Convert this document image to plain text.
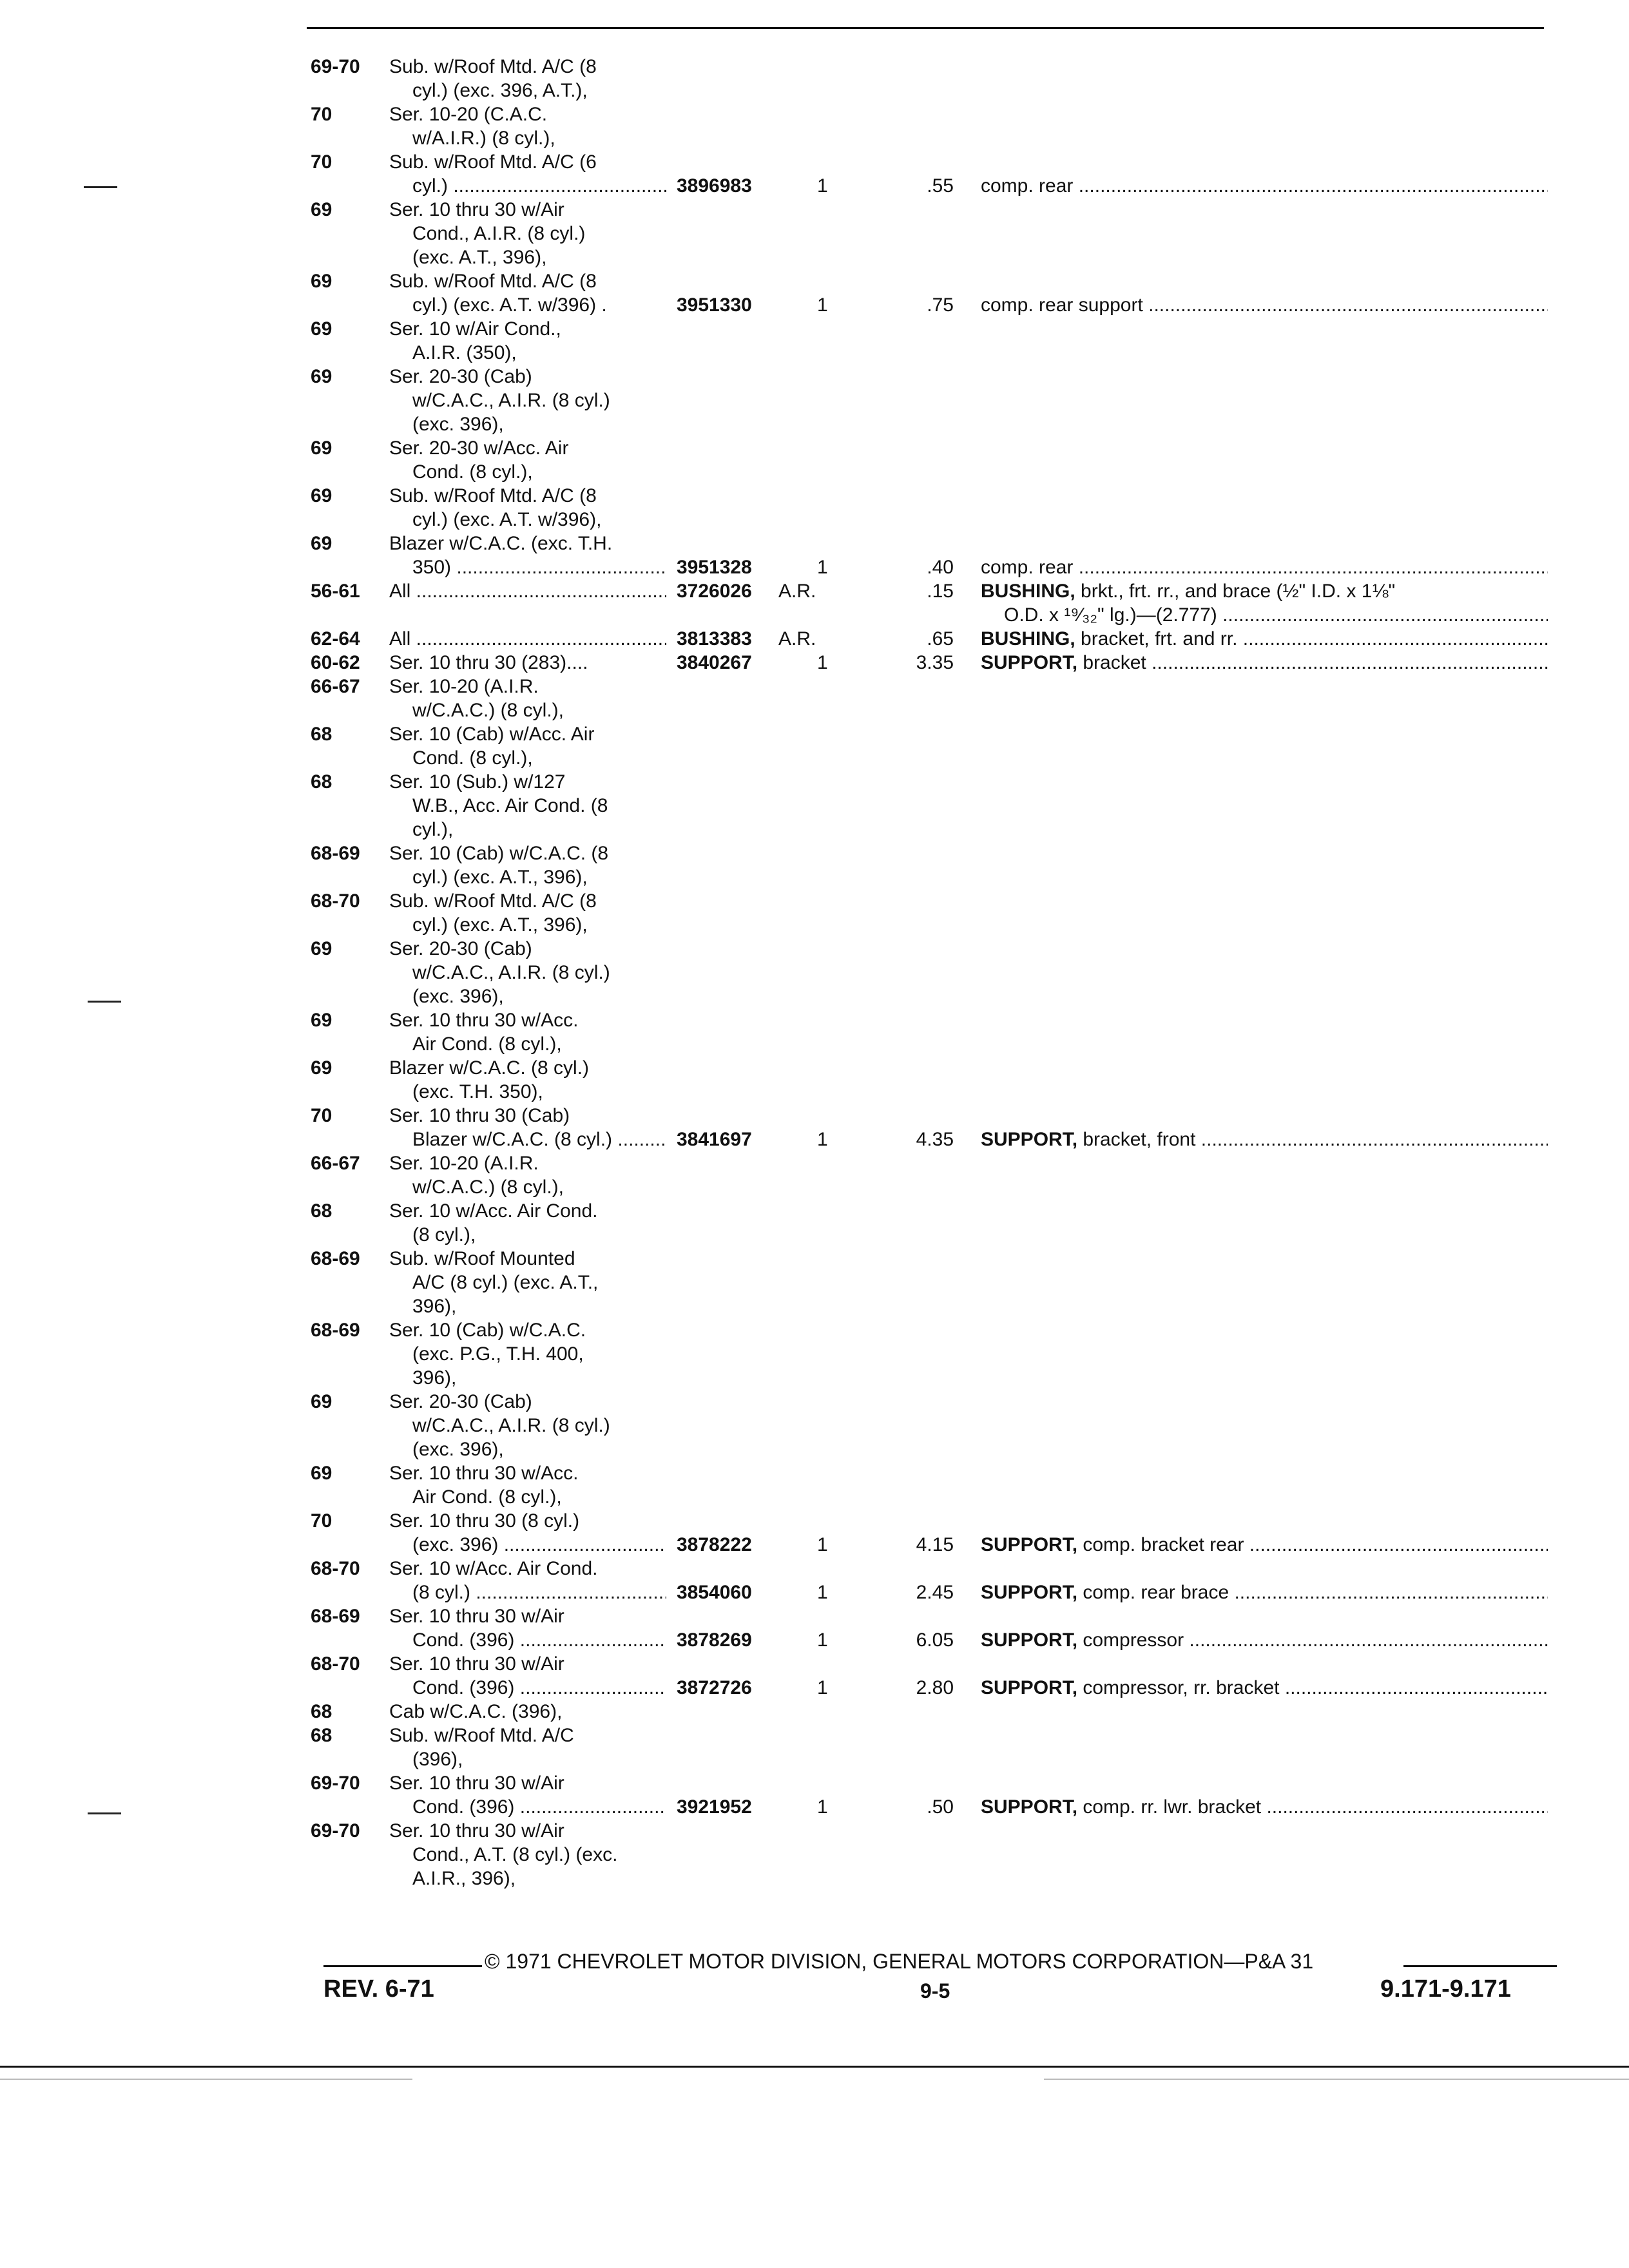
69-70 Sub. w/Roof Mtd. A/C (8
cyl.) (exc. 396, A.T.),
70	Ser. 10-20 (C.A.C.
w/A.I.R.) (8 cyl.),
70	Sub. w/Roof Mtd. A/C (6
cyl.) .....	3896983	1	.55 comp. rear .....
69	Ser. 10 thru 30 w/Air
Cond., A.I.R. (8 cyl.)
(exc. A.T., 396),
69	Sub. w/Roof Mtd. A/C (8
cyl.) (exc. A.T. w/396) .	3951330	1	.75 comp. rear support .....
69	Ser. 10 w/Air Cond.,
A.I.R. (350),
69	Ser. 20-30 (Cab)
w/C.A.C., A.I.R. (8 cyl.)
(exc. 396),
69	Ser. 20-30 w/Acc. Air
Cond. (8 cyl.),
69	Sub. w/Roof Mtd. A/C (8
cyl.) (exc. A.T. w/396),
69	Blazer w/C.A.C. (exc. T.H.
350) .....	3951328	1	.40 comp. rear .....
56-61 All .....	3726026 A.R.	.15 BUSHING, brkt., frt. rr., and brace (½" I.D. x 1⅛"
O.D. x ¹⁹⁄₃₂" lg.)—(2.777) .....
62-64 All .....	3813383 A.R.	.65 BUSHING, bracket, frt. and rr. .....
60-62 Ser. 10 thru 30 (283)....	3840267	1	3.35 SUPPORT, bracket .....
66-67 Ser. 10-20 (A.I.R.
w/C.A.C.) (8 cyl.),
68	Ser. 10 (Cab) w/Acc. Air
Cond. (8 cyl.),
68	Ser. 10 (Sub.) w/127
W.B., Acc. Air Cond. (8
cyl.),
68-69 Ser. 10 (Cab) w/C.A.C. (8
cyl.) (exc. A.T., 396),
68-70 Sub. w/Roof Mtd. A/C (8
cyl.) (exc. A.T., 396),
69	Ser. 20-30 (Cab)
w/C.A.C., A.I.R. (8 cyl.)
(exc. 396),
69	Ser. 10 thru 30 w/Acc.
Air Cond. (8 cyl.),
69	Blazer w/C.A.C. (8 cyl.)
(exc. T.H. 350),
70	Ser. 10 thru 30 (Cab)
Blazer w/C.A.C. (8 cyl.) .....	3841697	1	4.35 SUPPORT, bracket, front .....
66-67 Ser. 10-20 (A.I.R.
w/C.A.C.) (8 cyl.),
68	Ser. 10 w/Acc. Air Cond.
(8 cyl.),
68-69 Sub. w/Roof Mounted
A/C (8 cyl.) (exc. A.T.,
396),
68-69 Ser. 10 (Cab) w/C.A.C.
(exc. P.G., T.H. 400,
396),
69	Ser. 20-30 (Cab)
w/C.A.C., A.I.R. (8 cyl.)
(exc. 396),
69	Ser. 10 thru 30 w/Acc.
Air Cond. (8 cyl.),
70	Ser. 10 thru 30 (8 cyl.)
(exc. 396) .....	3878222	1	4.15 SUPPORT, comp. bracket rear .....
68-70 Ser. 10 w/Acc. Air Cond.
(8 cyl.) .....	3854060	1	2.45 SUPPORT, comp. rear brace .....
68-69 Ser. 10 thru 30 w/Air
Cond. (396) .....	3878269	1	6.05 SUPPORT, compressor .....
68-70 Ser. 10 thru 30 w/Air
Cond. (396) .....	3872726	1	2.80 SUPPORT, compressor, rr. bracket .....
68	Cab w/C.A.C. (396),
68	Sub. w/Roof Mtd. A/C
(396),
69-70 Ser. 10 thru 30 w/Air
Cond. (396) .....	3921952	1	.50 SUPPORT, comp. rr. lwr. bracket .....
69-70 Ser. 10 thru 30 w/Air
Cond., A.T. (8 cyl.) (exc.
A.I.R., 396),
© 1971 CHEVROLET MOTOR DIVISION, GENERAL MOTORS CORPORATION—P&A 31
REV. 6-71	9-5	9.171-9.171
